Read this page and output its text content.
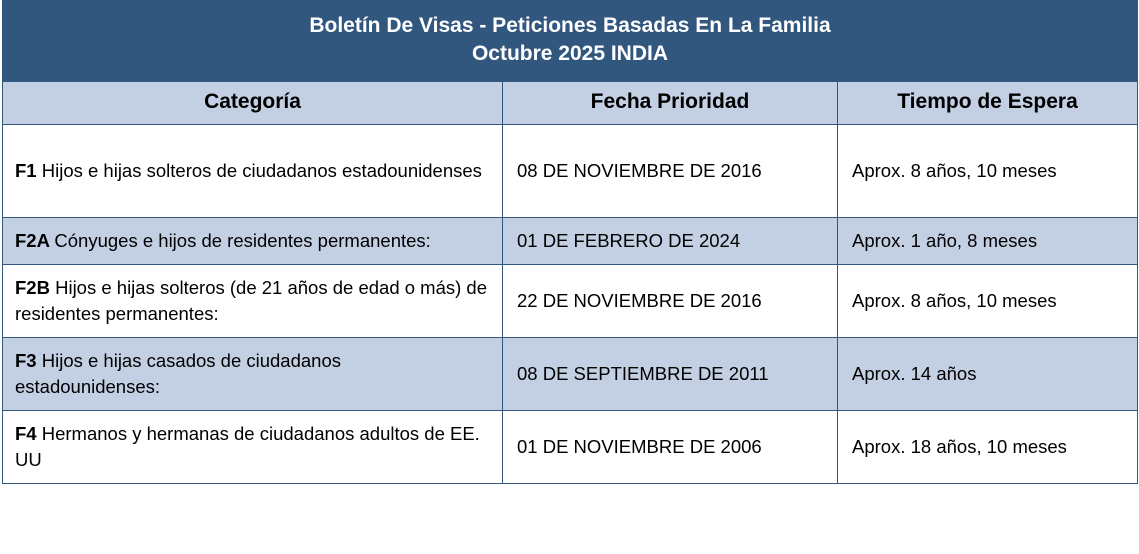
Boletín De Visas - Peticiones Basadas En La Familia
Octubre 2025 INDIA		

Categoría	Fecha Prioridad	Tiempo de Espera
F1 Hijos e hijas solteros de ciudadanos estadounidenses	08 DE NOVIEMBRE DE 2016	Aprox. 8 años, 10 meses
F2A Cónyuges e hijos de residentes permanentes:	01 DE FEBRERO DE 2024	Aprox. 1 año, 8 meses
F2B Hijos e hijas solteros (de 21 años de edad o más) de residentes permanentes:	22 DE NOVIEMBRE DE 2016	Aprox. 8 años, 10 meses
F3 Hijos e hijas casados de ciudadanos estadounidenses:	08 DE SEPTIEMBRE DE 2011	Aprox. 14 años
F4 Hermanos y hermanas de ciudadanos adultos de EE. UU	01 DE NOVIEMBRE DE 2006	Aprox. 18 años, 10 meses
